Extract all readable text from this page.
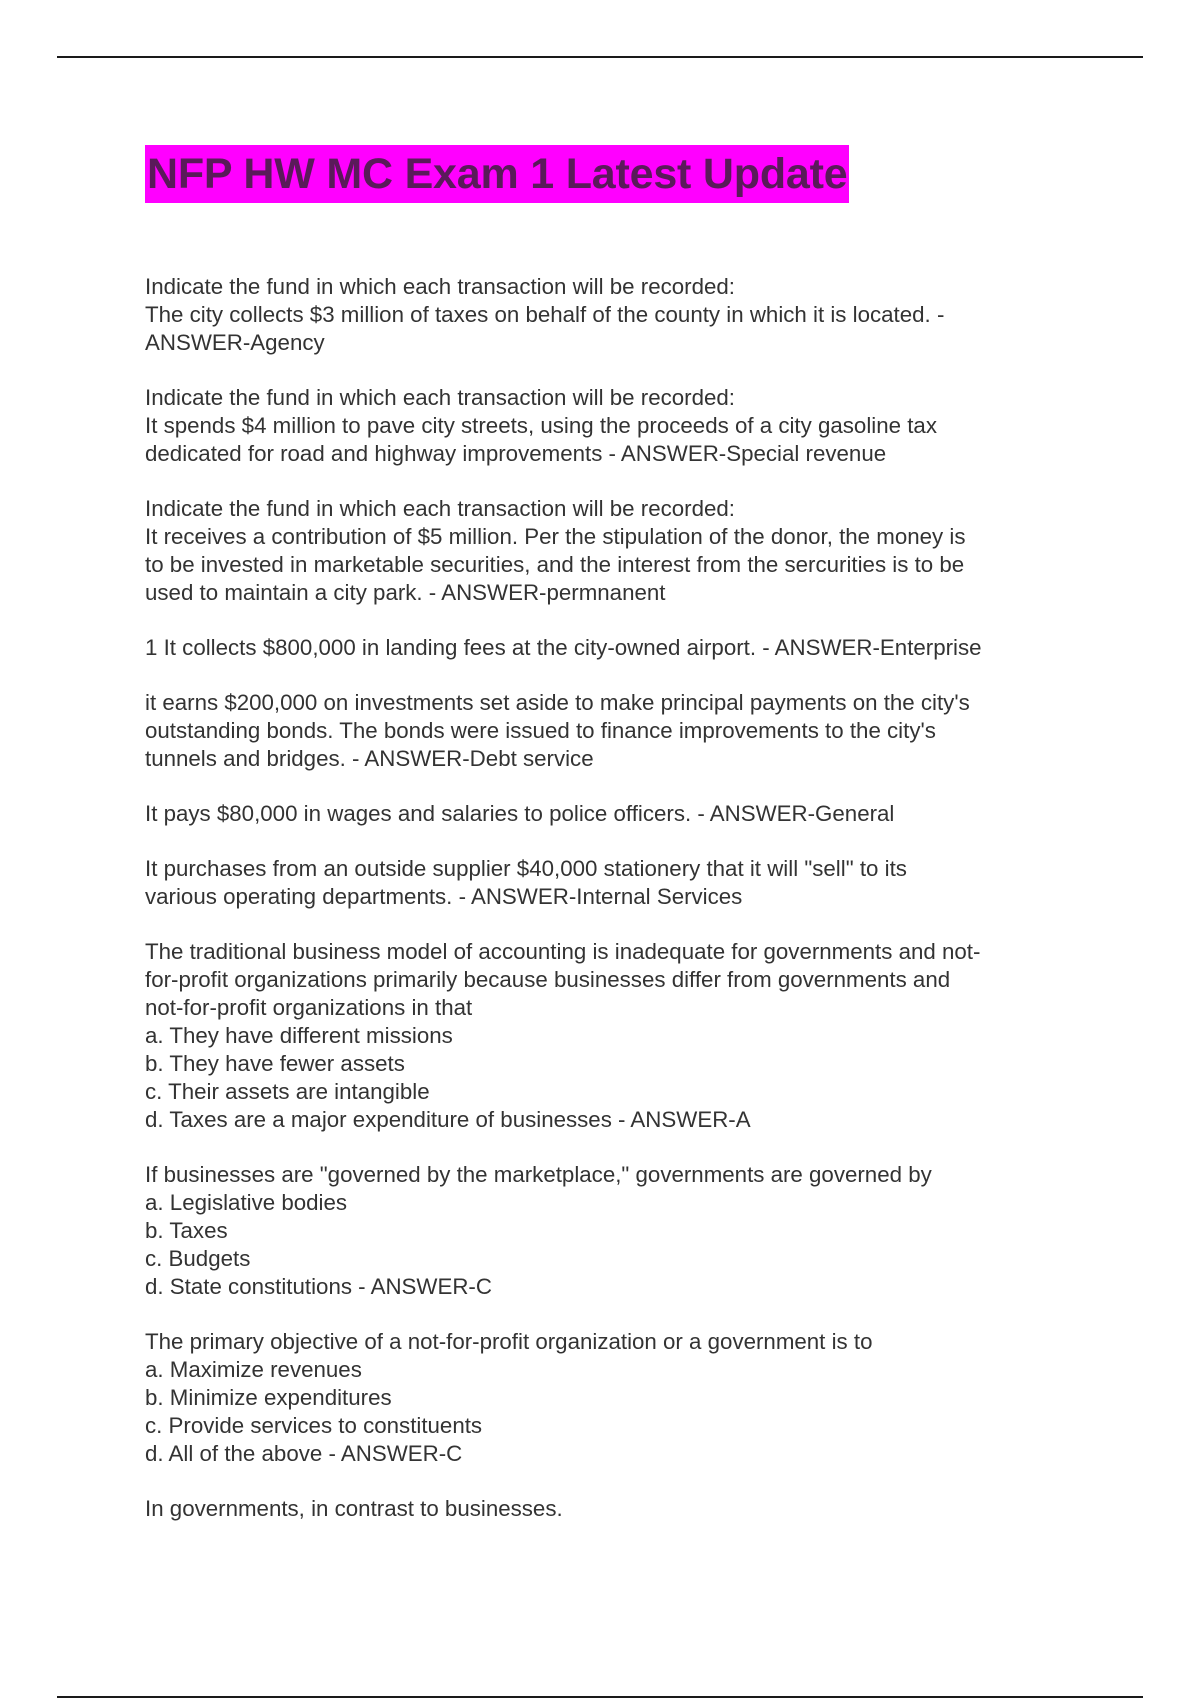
NFP HW MC Exam 1 Latest Update
Indicate the fund in which each transaction will be recorded:
The city collects $3 million of taxes on behalf of the county in which it is located. -
ANSWER-Agency
Indicate the fund in which each transaction will be recorded:
It spends $4 million to pave city streets, using the proceeds of a city gasoline tax
dedicated for road and highway improvements - ANSWER-Special revenue
Indicate the fund in which each transaction will be recorded:
It receives a contribution of $5 million. Per the stipulation of the donor, the money is
to be invested in marketable securities, and the interest from the sercurities is to be
used to maintain a city park. - ANSWER-permnanent
1 It collects $800,000 in landing fees at the city-owned airport. - ANSWER-Enterprise
it earns $200,000 on investments set aside to make principal payments on the city's
outstanding bonds. The bonds were issued to finance improvements to the city's
tunnels and bridges. - ANSWER-Debt service
It pays $80,000 in wages and salaries to police officers. - ANSWER-General
It purchases from an outside supplier $40,000 stationery that it will "sell" to its
various operating departments. - ANSWER-Internal Services
The traditional business model of accounting is inadequate for governments and not-
for-profit organizations primarily because businesses differ from governments and
not-for-profit organizations in that
a. They have different missions
b. They have fewer assets
c. Their assets are intangible
d. Taxes are a major expenditure of businesses - ANSWER-A
If businesses are "governed by the marketplace," governments are governed by
a. Legislative bodies
b. Taxes
c. Budgets
d. State constitutions - ANSWER-C
The primary objective of a not-for-profit organization or a government is to
a. Maximize revenues
b. Minimize expenditures
c. Provide services to constituents
d. All of the above - ANSWER-C
In governments, in contrast to businesses.
